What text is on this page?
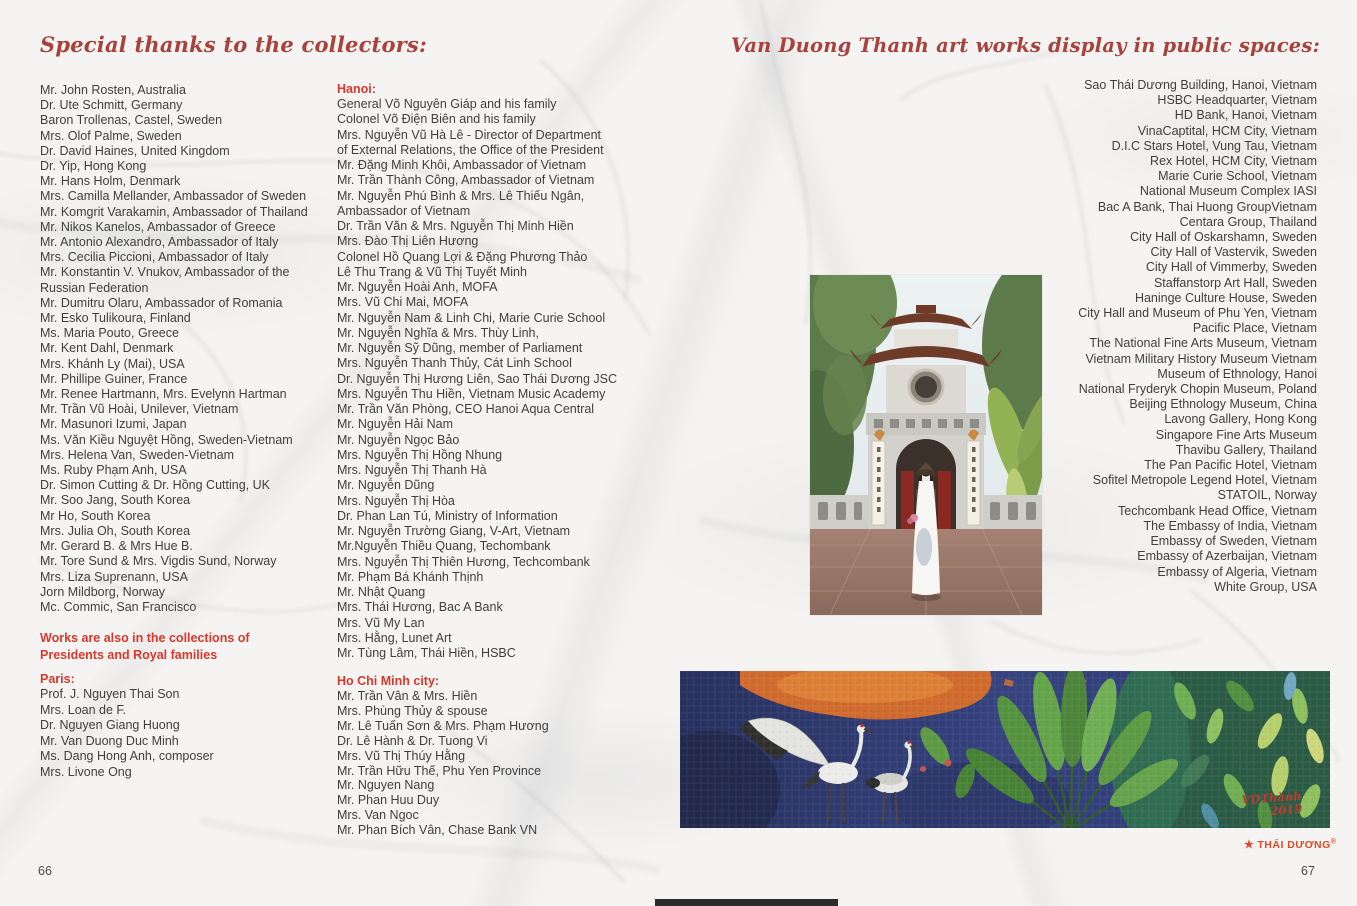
Special thanks to the collectors:
Mr. John Rosten, Australia
Dr. Ute Schmitt, Germany
Baron Trollenas, Castel, Sweden
Mrs. Olof Palme, Sweden
Dr. David Haines, United Kingdom
Dr. Yip, Hong Kong
Mr. Hans Holm, Denmark
Mrs. Camilla Mellander, Ambassador of Sweden
Mr. Komgrit Varakamin, Ambassador of Thailand
Mr. Nikos Kanelos, Ambassador of Greece
Mr. Antonio Alexandro, Ambassador of Italy
Mrs. Cecilia Piccioni, Ambassador of Italy
Mr. Konstantin V. Vnukov, Ambassador of the
Russian Federation
Mr. Dumitru Olaru, Ambassador of Romania
Mr. Esko Tulikoura, Finland
Ms. Maria Pouto, Greece
Mr. Kent Dahl, Denmark
Mrs. Khánh Ly (Mai), USA
Mr. Phillipe Guiner, France
Mr. Renee Hartmann, Mrs. Evelynn Hartman
Mr. Trần Vũ Hoài, Unilever, Vietnam
Mr. Masunori Izumi, Japan
Ms. Văn Kiều Nguyệt Hồng, Sweden-Vietnam
Mrs. Helena Van, Sweden-Vietnam
Ms. Ruby Phạm Anh, USA
Dr. Simon Cutting & Dr. Hồng Cutting, UK
Mr. Soo Jang, South Korea
Mr Ho, South Korea
Mrs. Julia Oh, South Korea
Mr. Gerard B. & Mrs Hue B.
Mr. Tore Sund & Mrs. Vigdis Sund, Norway
Mrs. Liza Suprenann, USA
Jorn Mildborg, Norway
Mc. Commic, San Francisco
Works are also in the collections of
Presidents and Royal families
Paris:
Prof. J. Nguyen Thai Son
Mrs. Loan de F.
Dr. Nguyen Giang Huong
Mr. Van Duong Duc Minh
Ms. Dang Hong Anh, composer
Mrs. Livone Ong
Hanoi:
General Võ Nguyên Giáp and his family
Colonel Võ Điện Biên and his family
Mrs. Nguyễn Vũ Hà Lê - Director of Department
of External Relations, the Office of the President
Mr. Đặng Minh Khôi, Ambassador of Vietnam
Mr. Trần Thành Công, Ambassador of Vietnam
Mr. Nguyễn Phú Bình & Mrs. Lê Thiếu Ngân,
Ambassador of Vietnam
Dr. Trần Văn & Mrs. Nguyễn Thị Minh Hiền
Mrs. Đào Thị Liên Hương
Colonel Hồ Quang Lợi & Đặng Phương Thảo
Lê Thu Trang & Vũ Thị Tuyết Minh
Mr. Nguyễn Hoài Anh, MOFA
Mrs. Vũ Chi Mai, MOFA
Mr. Nguyễn Nam & Linh Chi, Marie Curie School
Mr. Nguyễn Nghĩa & Mrs. Thùy Linh,
Mr. Nguyễn Sỹ Dũng, member of Parliament
Mrs. Nguyễn Thanh Thủy, Cát Linh School
Dr. Nguyễn Thị Hương Liên, Sao Thái Dương JSC
Mrs. Nguyễn Thu Hiền, Vietnam Music Academy
Mr. Trần Văn Phòng, CEO Hanoi Aqua Central
Mr. Nguyễn Hải Nam
Mr. Nguyễn Ngọc Bảo
Mrs. Nguyễn Thị Hồng Nhung
Mrs. Nguyễn Thị Thanh Hà
Mr. Nguyễn Dũng
Mrs. Nguyễn Thị Hòa
Dr. Phan Lan Tú, Ministry of Information
Mr. Nguyễn Trường Giang, V-Art, Vietnam
Mr.Nguyễn Thiều Quang, Techombank
Mrs. Nguyễn Thị Thiên Hương, Techcombank
Mr. Phạm Bá Khánh Thịnh
Mr. Nhật Quang
Mrs. Thái Hương, Bac A Bank
Mrs. Vũ My Lan
Mrs. Hằng, Lunet Art
Mr. Tùng Lâm, Thái Hiền, HSBC
Ho Chi Minh city:
Mr. Trần Vân & Mrs. Hiền
Mrs. Phùng Thủy & spouse
Mr. Lê Tuấn Sơn & Mrs. Phạm Hương
Dr. Lê Hành & Dr. Tuong Vi
Mrs. Vũ Thị Thúy Hằng
Mr. Trần Hữu Thế, Phu Yen Province
Mr. Nguyen Nang
Mr. Phan Huu Duy
Mrs. Van Ngoc
Mr. Phan Bích Vân, Chase Bank VN
Van Duong Thanh art works display in public spaces:
Sao Thái Dương Building, Hanoi, Vietnam
HSBC Headquarter, Vietnam
HD Bank, Hanoi, Vietnam
VinaCaptital, HCM City, Vietnam
D.I.C Stars Hotel, Vung Tau, Vietnam
Rex Hotel, HCM City, Vietnam
Marie Curie School, Vietnam
National Museum Complex IASI
Bac A Bank, Thai Huong GroupVietnam
Centara Group, Thailand
City Hall of Oskarshamn, Sweden
City Hall of Vastervik, Sweden
City Hall of Vimmerby, Sweden
Staffanstorp Art Hall, Sweden
Haninge Culture House, Sweden
City Hall and Museum of Phu Yen, Vietnam
Pacific Place, Vietnam
The National Fine Arts Museum, Vietnam
Vietnam Military History Museum Vietnam
Museum of Ethnology, Hanoi
National Fryderyk Chopin Museum, Poland
Beijing Ethnology Museum, China
Lavong Gallery, Hong Kong
Singapore Fine Arts Museum
Thavibu Gallery, Thailand
The Pan Pacific Hotel, Vietnam
Sofitel Metropole Legend Hotel, Vietnam
STATOIL, Norway
Techcombank Head Office, Vietnam
The Embassy of India, Vietnam
Embassy of Sweden, Vietnam
Embassy of Azerbaijan, Vietnam
Embassy of Algeria, Vietnam
White Group, USA
VDThành
2019
★ THÁI DƯƠNG®
66	67
